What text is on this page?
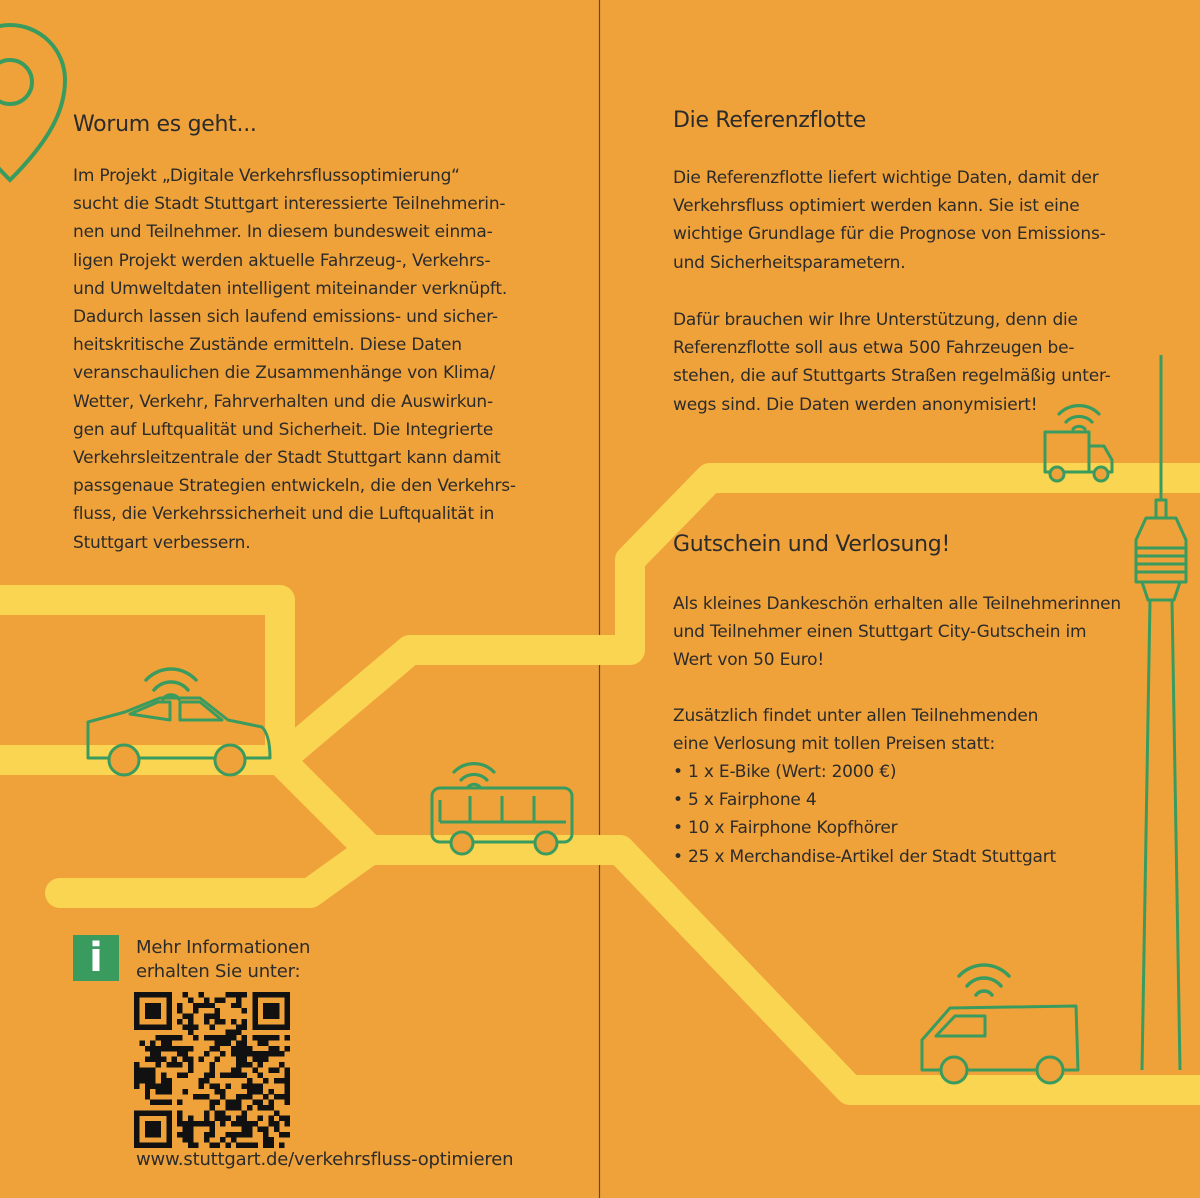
Worum es geht...

Im Projekt „Digitale Verkehrsflussoptimierung“
sucht die Stadt Stuttgart interessierte Teilnehmerin-
nen und Teilnehmer. In diesem bundesweit einma-
ligen Projekt werden aktuelle Fahrzeug-, Verkehrs-
und Umweltdaten intelligent miteinander verknüpft.
Dadurch lassen sich laufend emissions- und sicher-
heitskritische Zustände ermitteln. Diese Daten
veranschaulichen die Zusammenhänge von Klima/
Wetter, Verkehr, Fahrverhalten und die Auswirkun-
gen auf Luftqualität und Sicherheit. Die Integrierte
Verkehrsleitzentrale der Stadt Stuttgart kann damit
passgenaue Strategien entwickeln, die den Verkehrs-
fluss, die Verkehrssicherheit und die Luftqualität in
Stuttgart verbessern.

Die Referenzflotte

Die Referenzflotte liefert wichtige Daten, damit der
Verkehrsfluss optimiert werden kann. Sie ist eine
wichtige Grundlage für die Prognose von Emissions-
und Sicherheitsparametern.

Dafür brauchen wir Ihre Unterstützung, denn die
Referenzflotte soll aus etwa 500 Fahrzeugen be-
stehen, die auf Stuttgarts Straßen regelmäßig unter-
wegs sind. Die Daten werden anonymisiert!

Gutschein und Verlosung!

Als kleines Dankeschön erhalten alle Teilnehmerinnen
und Teilnehmer einen Stuttgart City-Gutschein im
Wert von 50 Euro!

Zusätzlich findet unter allen Teilnehmenden
eine Verlosung mit tollen Preisen statt:

• 1 x E-Bike (Wert: 2000 €)
• 5 x Fairphone 4
• 10 x Fairphone Kopfhörer
• 25 x Merchandise-Artikel der Stadt Stuttgart
i	Mehr Informationen
erhalten Sie unter:

www.stuttgart.de/verkehrsfluss-optimieren
